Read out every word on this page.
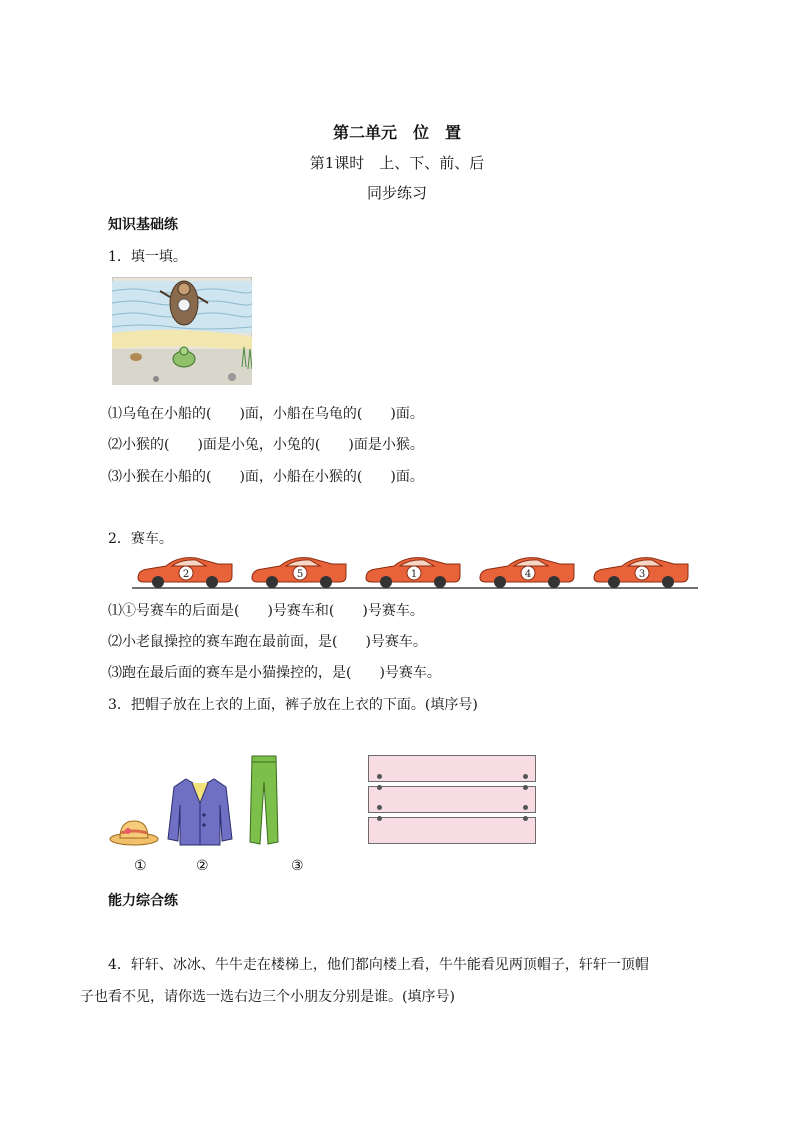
第二单元　位　置
第1课时　上、下、前、后
同步练习
知识基础练
1．填一填。
⑴乌龟在小船的(　　)面，小船在乌龟的(　　)面。
⑵小猴的(　　)面是小兔，小兔的(　　)面是小猴。
⑶小猴在小船的(　　)面，小船在小猴的(　　)面。
2．赛车。
2	5	1	4	3
⑴①号赛车的后面是(　　)号赛车和(　　)号赛车。
⑵小老鼠操控的赛车跑在最前面，是(　　)号赛车。
⑶跑在最后面的赛车是小猫操控的，是(　　)号赛车。
3．把帽子放在上衣的上面，裤子放在上衣的下面。(填序号)
①	②	③
能力综合练
4．轩轩、冰冰、牛牛走在楼梯上，他们都向楼上看，牛牛能看见两顶帽子，轩轩一顶帽
子也看不见，请你选一选右边三个小朋友分别是谁。(填序号)
